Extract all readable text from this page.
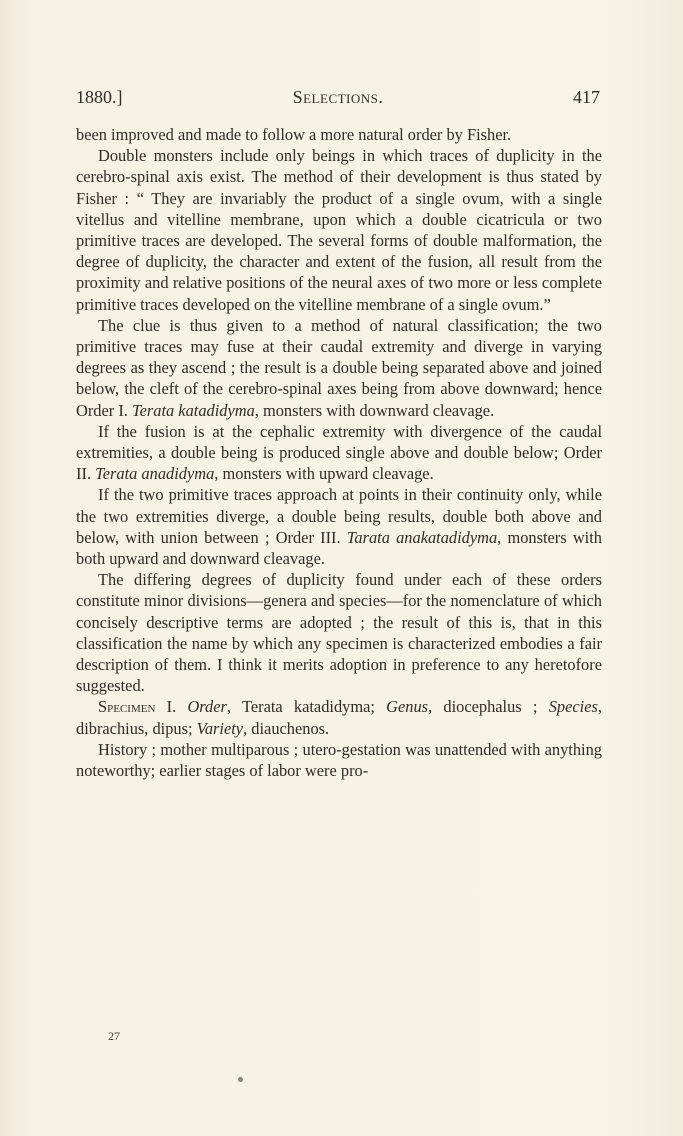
1880.]	Selections.	417

been improved and made to follow a more natural order by Fisher.

Double monsters include only beings in which traces of duplicity in the cerebro-spinal axis exist. The method of their development is thus stated by Fisher : “ They are invariably the product of a single ovum, with a single vitellus and vitelline membrane, upon which a double cicatricula or two primitive traces are developed. The several forms of double malformation, the degree of duplicity, the character and extent of the fusion, all result from the proximity and relative positions of the neural axes of two more or less complete primitive traces developed on the vitelline membrane of a single ovum.”

The clue is thus given to a method of natural classification; the two primitive traces may fuse at their caudal extremity and diverge in varying degrees as they ascend ; the result is a double being separated above and joined below, the cleft of the cerebro-spinal axes being from above downward; hence Order I. Terata katadidyma, monsters with downward cleavage.

If the fusion is at the cephalic extremity with divergence of the caudal extremities, a double being is produced single above and double below; Order II. Terata anadidyma, monsters with upward cleavage.

If the two primitive traces approach at points in their continuity only, while the two extremities diverge, a double being results, double both above and below, with union between ; Order III. Tarata anakatadidyma, monsters with both upward and downward cleavage.

The differing degrees of duplicity found under each of these orders constitute minor divisions—genera and species—for the nomenclature of which concisely descriptive terms are adopted ; the result of this is, that in this classification the name by which any specimen is characterized embodies a fair description of them. I think it merits adoption in preference to any heretofore suggested.

Specimen I. Order, Terata katadidyma; Genus, diocephalus ; Species, dibrachius, dipus; Variety, diauchenos.

History ; mother multiparous ; utero-gestation was unattended with anything noteworthy; earlier stages of labor were pro-

27
